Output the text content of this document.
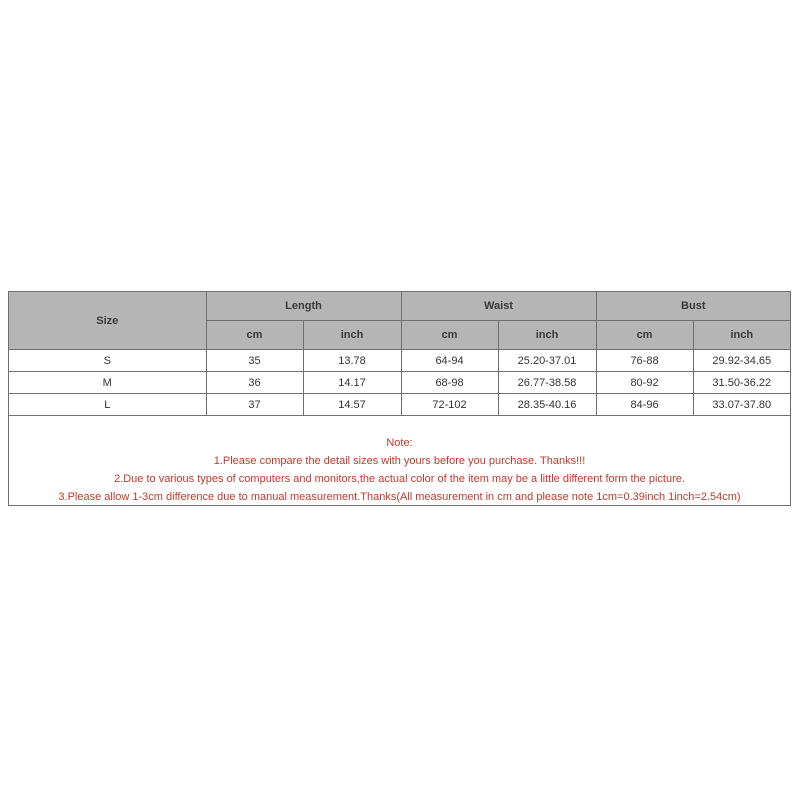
Size	Length		Waist		Bust	
	cm	inch	cm	inch	cm	inch
S	35	13.78	64-94	25.20-37.01	76-88	29.92-34.65
M	36	14.17	68-98	26.77-38.58	80-92	31.50-36.22
L	37	14.57	72-102	28.35-40.16	84-96	33.07-37.80
Note:
1.Please compare the detail sizes with yours before you purchase. Thanks!!!
2.Due to various types of computers and monitors,the actual color of the item may be a little different form the picture.
3.Please allow 1-3cm difference due to manual measurement.Thanks(All measurement in cm and please note 1cm=0.39inch 1inch=2.54cm)
